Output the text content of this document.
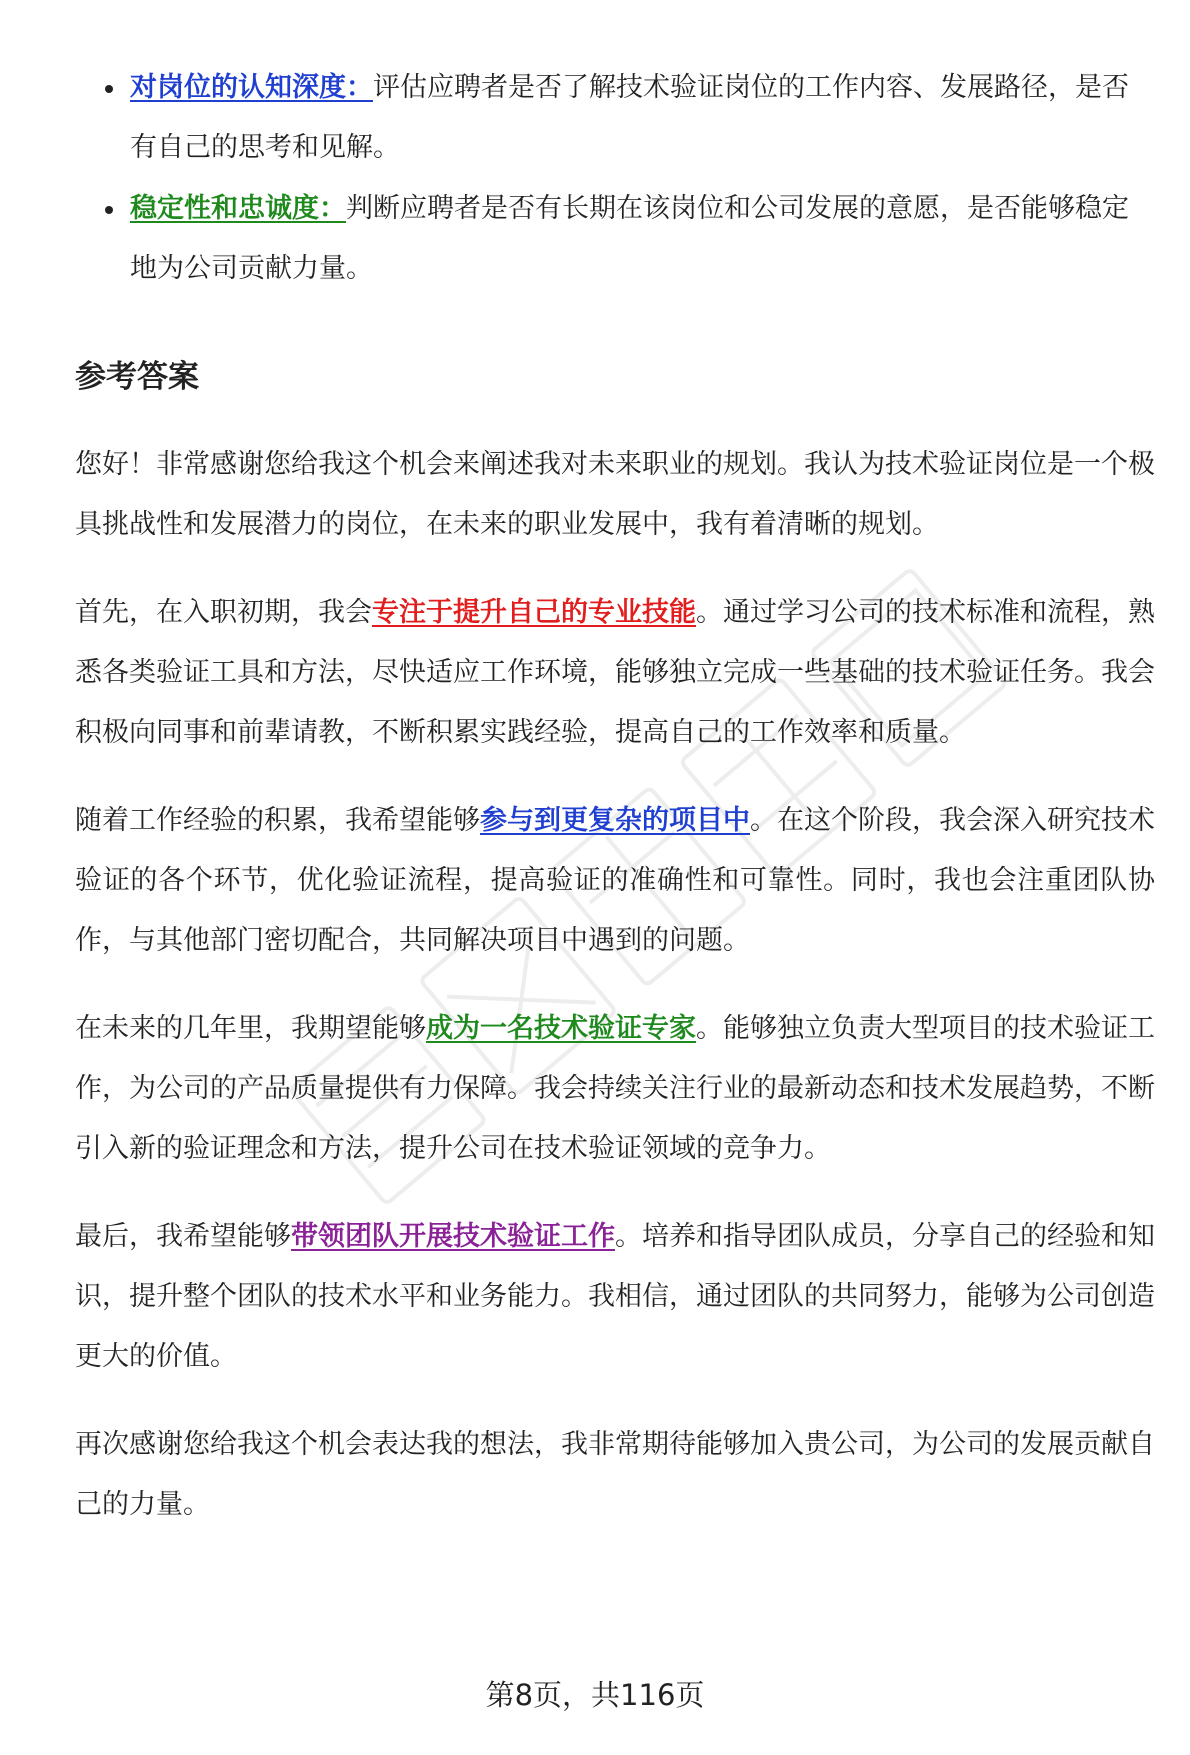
对岗位的认知深度：评估应聘者是否了解技术验证岗位的工作内容、发展路径，是否有自己的思考和见解。
稳定性和忠诚度：判断应聘者是否有长期在该岗位和公司发展的意愿，是否能够稳定地为公司贡献力量。
参考答案

您好！非常感谢您给我这个机会来阐述我对未来职业的规划。我认为技术验证岗位是一个极具挑战性和发展潜力的岗位，在未来的职业发展中，我有着清晰的规划。

首先，在入职初期，我会专注于提升自己的专业技能。通过学习公司的技术标准和流程，熟悉各类验证工具和方法，尽快适应工作环境，能够独立完成一些基础的技术验证任务。我会积极向同事和前辈请教，不断积累实践经验，提高自己的工作效率和质量。

随着工作经验的积累，我希望能够参与到更复杂的项目中。在这个阶段，我会深入研究技术验证的各个环节，优化验证流程，提高验证的准确性和可靠性。同时，我也会注重团队协作，与其他部门密切配合，共同解决项目中遇到的问题。

在未来的几年里，我期望能够成为一名技术验证专家。能够独立负责大型项目的技术验证工作，为公司的产品质量提供有力保障。我会持续关注行业的最新动态和技术发展趋势，不断引入新的验证理念和方法，提升公司在技术验证领域的竞争力。

最后，我希望能够带领团队开展技术验证工作。培养和指导团队成员，分享自己的经验和知识，提升整个团队的技术水平和业务能力。我相信，通过团队的共同努力，能够为公司创造更大的价值。

再次感谢您给我这个机会表达我的想法，我非常期待能够加入贵公司，为公司的发展贡献自己的力量。

第8页，共116页
